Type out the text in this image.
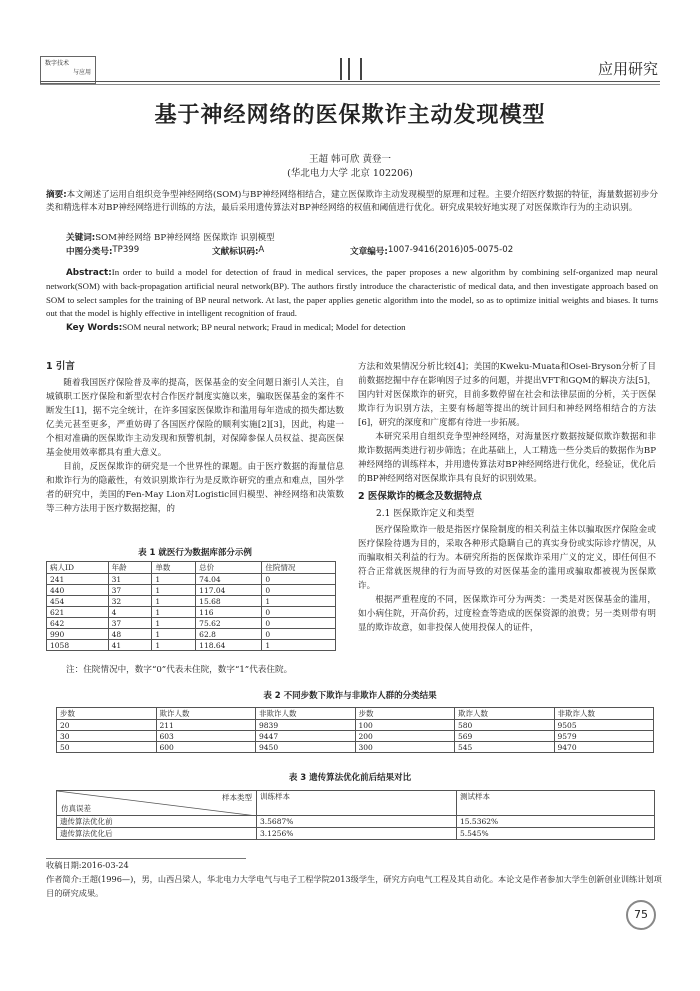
数字技术
与应用	应用研究
基于神经网络的医保欺诈主动发现模型
王超 韩可欣 黄登一
(华北电力大学 北京 102206)
摘要:本文阐述了运用自组织竞争型神经网络(SOM)与BP神经网络相结合，建立医保欺诈主动发现模型的原理和过程。主要介绍医疗数据的特征，海量数据初步分类和精选样本对BP神经网络进行训练的方法，最后采用遗传算法对BP神经网络的权值和阈值进行优化。研究成果较好地实现了对医保欺诈行为的主动识别。
关键词:SOM神经网络 BP神经网络 医保欺诈 识别模型
中图分类号: TP399	文献标识码: A	文章编号: 1007-9416(2016)05-0075-02
Abstract:In order to build a model for detection of fraud in medical services, the paper proposes a new algorithm by combining self-organized map neural network(SOM) with back-propagation artificial neural network(BP). The authors firstly introduce the characteristic of medical data, and then investigate approach based on SOM to select samples for the training of BP neural network. At last, the paper applies genetic algorithm into the model, so as to optimize initial weights and biases. It turns out that the model is highly effective in intelligent recognition of fraud.
Key Words:SOM neural network; BP neural network; Fraud in medical; Model for detection
1 引言

随着我国医疗保险普及率的提高，医保基金的安全问题日渐引人关注，自城镇职工医疗保险和新型农村合作医疗制度实施以来，骗取医保基金的案件不断发生[1]，据不完全统计，在许多国家医保欺诈和滥用每年造成的损失都达数亿美元甚至更多，严重妨碍了各国医疗保险的顺利实施[2][3]，因此，构建一个相对准确的医保欺诈主动发现和预警机制，对保障参保人员权益、提高医保基金使用效率都具有重大意义。

目前，反医保欺诈的研究是一个世界性的课题。由于医疗数据的海量信息和欺诈行为的隐蔽性，有效识别欺诈行为是反欺诈研究的重点和难点，国外学者的研究中，美国的Fen-May Lion对Logistic回归模型、神经网络和决策数等三种方法用于医疗数据挖掘，的

表 1 就医行为数据库部分示例
病人ID	年龄	单数	总价	住院情况
241	31	1	74.04	0
440	37	1	117.04	0
454	32	1	15.68	1
621	4	1	116	0
642	37	1	75.62	0
990	48	1	62.8	0
1058	41	1	118.64	1
注：住院情况中，数字“0”代表未住院，数字“1”代表住院。

方法和效果情况分析比较[4]；美国的Kweku-Muata和Osei-Bryson分析了目前数据挖掘中存在影响因子过多的问题，并提出VFT和GQM的解决方法[5]，国内针对医保欺诈的研究，目前多数停留在社会和法律层面的分析，关于医保欺诈行为识别方法，主要有杨超等提出的统计回归和神经网络相结合的方法[6]，研究的深度和广度都有待进一步拓展。

本研究采用自组织竞争型神经网络，对海量医疗数据按疑似欺诈数据和非欺诈数据两类进行初步筛选；在此基础上，人工精选一些分类后的数据作为BP神经网络的训练样本，并用遗传算法对BP神经网络进行优化，经验证，优化后的BP神经网络对医保欺诈具有良好的识别效果。

2 医保欺诈的概念及数据特点
2.1 医保欺诈定义和类型

医疗保险欺诈一般是指医疗保险制度的相关利益主体以骗取医疗保险金或医疗保险待遇为目的，采取各种形式隐瞒自己的真实身份或实际诊疗情况，从而骗取相关利益的行为。本研究所指的医保欺诈采用广义的定义，即任何但不符合正常就医规律的行为而导致的对医保基金的滥用或骗取都被视为医保欺诈。

根据严重程度的不同，医保欺诈可分为两类：一类是对医保基金的滥用，如小病住院，开高价药，过度检查等造成的医保资源的浪费；另一类则带有明显的欺诈故意，如非投保人使用投保人的证件，

表 2 不同步数下欺诈与非欺诈人群的分类结果
步数	欺诈人数	非欺诈人数	步数	欺诈人数	非欺诈人数
20	211	9839	100	580	9505
30	603	9447	200	569	9579
50	600	9450	300	545	9470
表 3 遗传算法优化前后结果对比
样本类型
仿真误差	训练样本	测试样本
遗传算法优化前	3.5687%	15.5362%
遗传算法优化后	3.1256%	5.545%
收稿日期:2016-03-24
作者简介:王超(1996—)，男，山西吕梁人，华北电力大学电气与电子工程学院2013级学生，研究方向电气工程及其自动化。本论文是作者参加大学生创新创业训练计划项目的研究成果。
75
